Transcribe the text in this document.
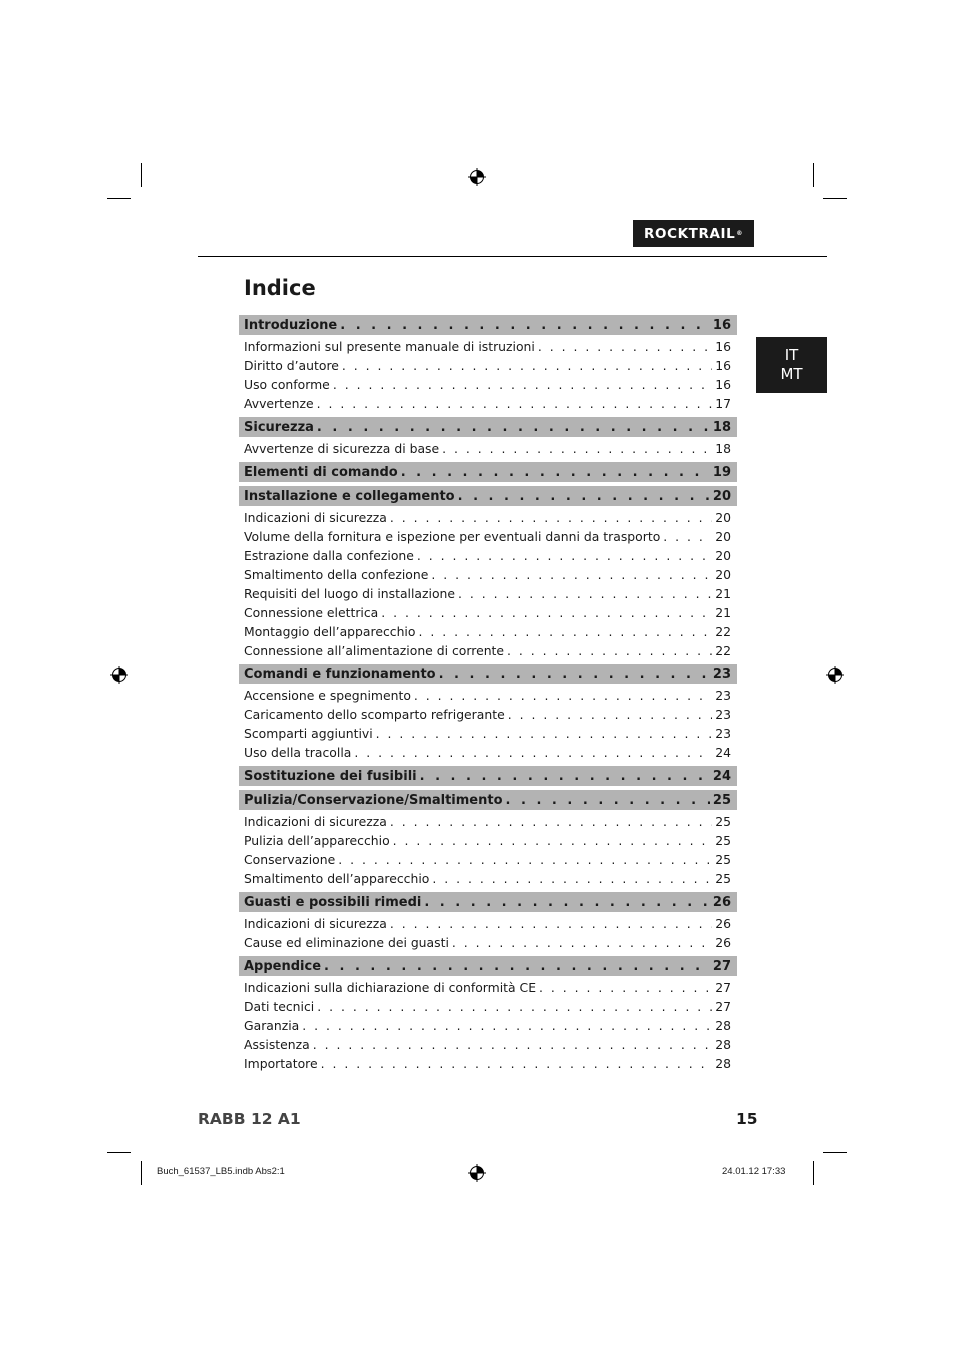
ROCKTRAIL ®
Indice
IT
MT
Introduzione . . .	16
Informazioni sul presente manuale di istruzioni . . .	16
Diritto d’autore . . .	16
Uso conforme . . .	16
Avvertenze . . .	17
Sicurezza . . .	18
Avvertenze di sicurezza di base . . .	18
Elementi di comando . . .	19
Installazione e collegamento . . .	20
Indicazioni di sicurezza . . .	20
Volume della fornitura e ispezione per eventuali danni da trasporto . . .	20
Estrazione dalla confezione . . .	20
Smaltimento della confezione . . .	20
Requisiti del luogo di installazione . . .	21
Connessione elettrica . . .	21
Montaggio dell’apparecchio . . .	22
Connessione all’alimentazione di corrente . . .	22
Comandi e funzionamento . . .	23
Accensione e spegnimento . . .	23
Caricamento dello scomparto refrigerante . . .	23
Scomparti aggiuntivi . . .	23
Uso della tracolla . . .	24
Sostituzione dei fusibili . . .	24
Pulizia/Conservazione/Smaltimento . . .	25
Indicazioni di sicurezza . . .	25
Pulizia dell’apparecchio . . .	25
Conservazione . . .	25
Smaltimento dell’apparecchio . . .	25
Guasti e possibili rimedi . . .	26
Indicazioni di sicurezza . . .	26
Cause ed eliminazione dei guasti . . .	26
Appendice . . .	27
Indicazioni sulla dichiarazione di conformità CE . . .	27
Dati tecnici . . .	27
Garanzia . . .	28
Assistenza . . .	28
Importatore . . .	28
RABB 12 A1	15
Buch_61537_LB5.indb Abs2:1	24.01.12 17:33
